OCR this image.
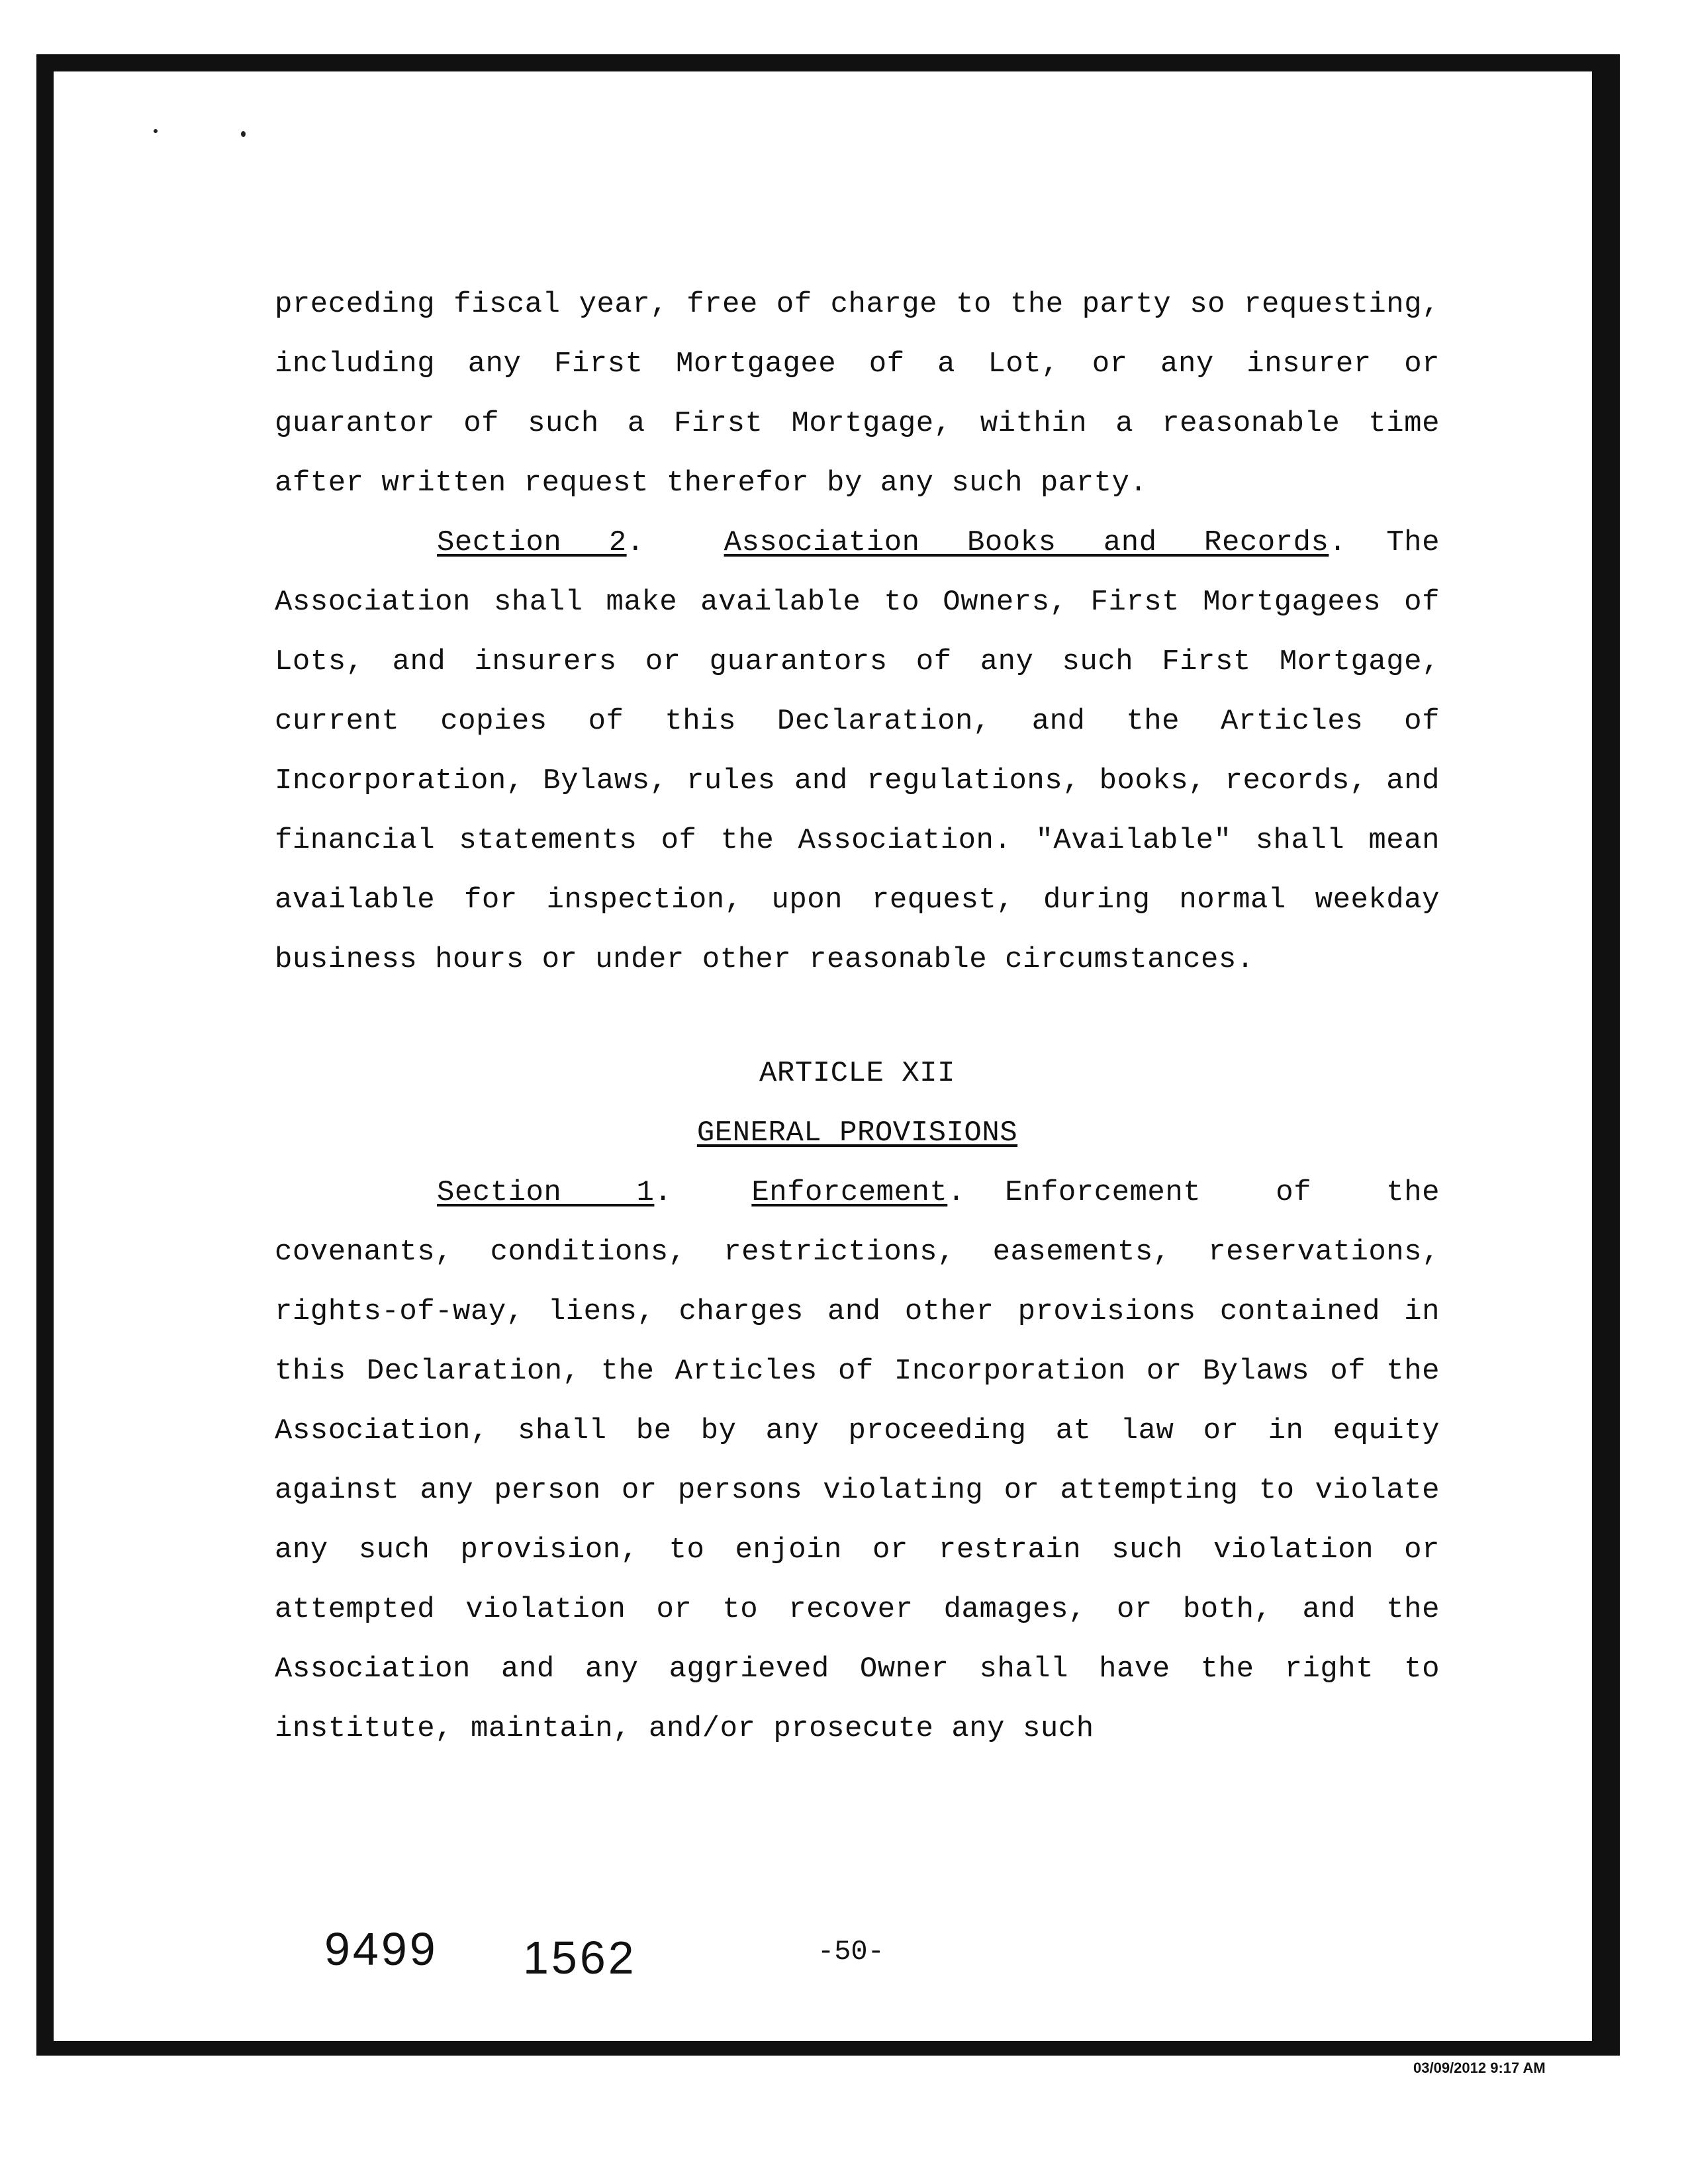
preceding fiscal year, free of charge to the party so requesting, including any First Mortgagee of a Lot, or any insurer or guarantor of such a First Mortgage, within a reasonable time after written request therefor by any such party.

Section 2.	Association Books and Records. The Association shall make available to Owners, First Mortgagees of Lots, and insurers or guarantors of any such First Mortgage, current copies of this Declaration, and the Articles of Incorporation, Bylaws, rules and regulations, books, records, and financial statements of the Association. "Available" shall mean available for inspection, upon request, during normal weekday business hours or under other reasonable circumstances.

ARTICLE XII

GENERAL PROVISIONS

Section 1.	Enforcement. Enforcement of the covenants, conditions, restrictions, easements, reservations, rights-of-way, liens, charges and other provisions contained in this Declaration, the Articles of Incorporation or Bylaws of the Association, shall be by any proceeding at law or in equity against any person or persons violating or attempting to violate any such provision, to enjoin or restrain such violation or attempted violation or to recover damages, or both, and the Association and any aggrieved Owner shall have the right to institute, maintain, and/or prosecute any such

9499 1562	-50-
03/09/2012 9:17 AM
